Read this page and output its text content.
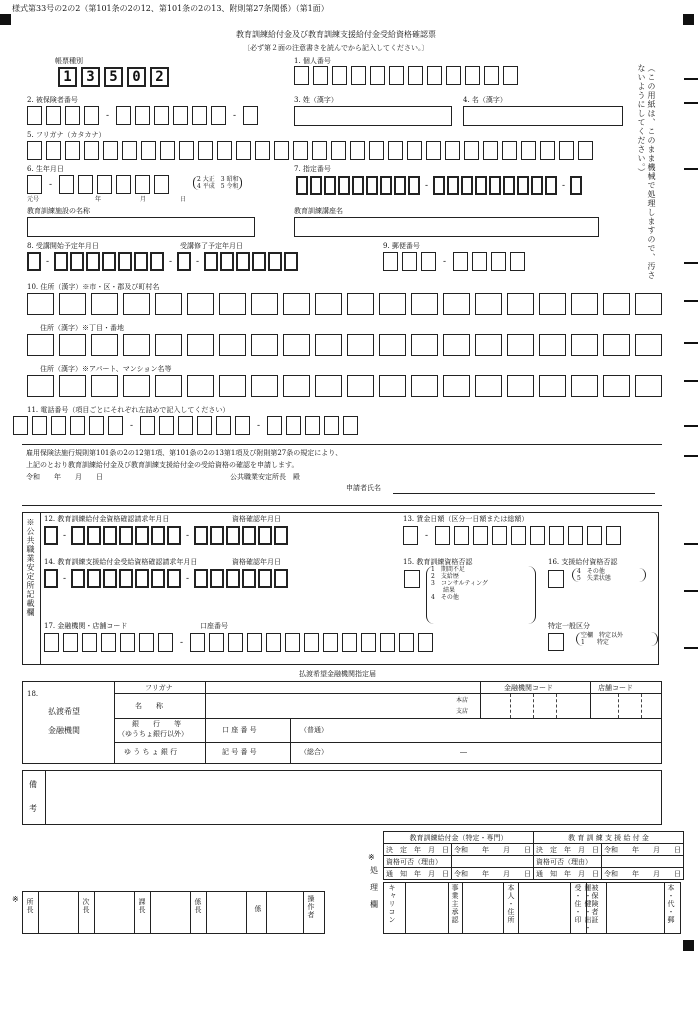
様式第33号の2の2（第101条の2の12、第101条の2の13、附則第27条関係）（第1面）
教育訓練給付金及び教育訓練支援給付金受給資格確認票
〔必ず第２面の注意書きを読んでから記入してください。〕
（この用紙は、このまま機械で処理しますので、汚さないようにしてください。）
帳票種別
1	3	5	0	2
1. 個人番号
2. 被保険者番号
-	-
3. 姓（漢字）	4. 名（漢字）
5. フリガナ（カタカナ）
6. 生年月日
-
元号	年	月	日
2 大正　3 昭和
4 平成　5 令和
7. 指定番号
-	-
教育訓練施設の名称	教育訓練講座名
8. 受講開始予定年月日	受講修了予定年月日
-	-	-
9. 郵便番号
-
10. 住所（漢字）※市・区・郡及び町村名
住所（漢字）※丁目・番地
住所（漢字）※アパート、マンション名等
11. 電話番号（項目ごとにそれぞれ左詰めで記入してください）
-	-
雇用保険法施行規則第101条の2の12第1項、第101条の2の13第1項及び附則第27条の規定により、
上記のとおり教育訓練給付金及び教育訓練支援給付金の受給資格の確認を申請します。
令和　　年　　月　　日	公共職業安定所長　殿
申請者氏名
※公共職業安定所記載欄 12. 教育訓練給付金資格確認請求年月日	資格確認年月日
-	-
13. 賃金日額（区分一日額または総額）
-
14. 教育訓練支援給付金受給資格確認請求年月日	資格確認年月日
-	-
15. 教育訓練資格否認
1　期間不足
2　支給歴
3　コンサルティング
　　結果
4　その他
16. 支援給付資格否認
4　その他
5　失業状態
17. 金融機関・店舗コード	口座番号
-
特定一般区分
空欄　特定以外
1　　特定
払渡希望金融機関指定届
18.
払渡希望
金融機関
フリガナ
名　　称
本店
支店
金融機関コード	店舗コード
銀　　行　　等
（ゆうちょ銀行以外）	口 座 番 号	（普通）
ゆ う ち ょ 銀 行	記 号 番 号	（総合）	―
備
考
※
処
理
欄
教育訓練給付金（特定・専門）		教 育 訓 練 支 援 給 付 金	
決　定　年　月　日	令和　　年　　月　　日	決　定　年　月　日	令和　　年　　月　　日
資格可否（理由）		資格可否（理由）	
通　知　年　月　日	令和　　年　　月　　日	通　知　年　月　日	令和　　年　　月　　日
キャリコン	事業主承認	本人・住所	運・健・出・受・住・印	被保険者証	本・代・郵
※ 所長	次長	課長	係長	係	操作者
